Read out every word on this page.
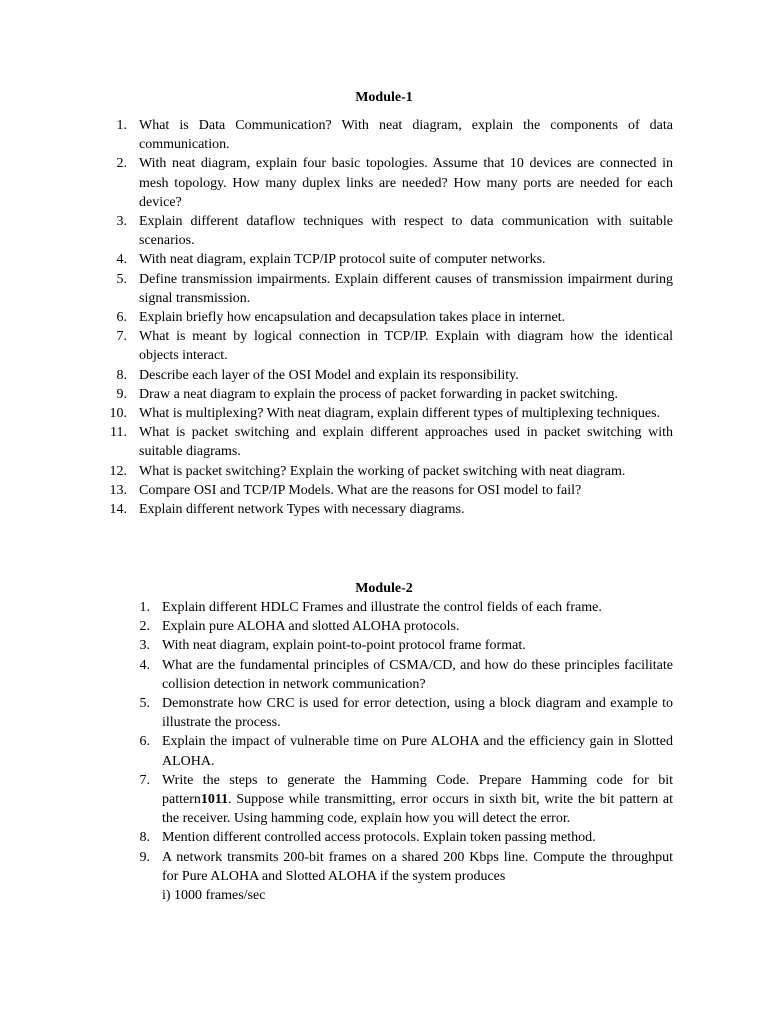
Module-1
1. What is Data Communication? With neat diagram, explain the components of data communication.
2. With neat diagram, explain four basic topologies. Assume that 10 devices are connected in mesh topology. How many duplex links are needed? How many ports are needed for each device?
3. Explain different dataflow techniques with respect to data communication with suitable scenarios.
4. With neat diagram, explain TCP/IP protocol suite of computer networks.
5. Define transmission impairments. Explain different causes of transmission impairment during signal transmission.
6. Explain briefly how encapsulation and decapsulation takes place in internet.
7. What is meant by logical connection in TCP/IP. Explain with diagram how the identical objects interact.
8. Describe each layer of the OSI Model and explain its responsibility.
9. Draw a neat diagram to explain the process of packet forwarding in packet switching.
10. What is multiplexing? With neat diagram, explain different types of multiplexing techniques.
11. What is packet switching and explain different approaches used in packet switching with suitable diagrams.
12. What is packet switching? Explain the working of packet switching with neat diagram.
13. Compare OSI and TCP/IP Models. What are the reasons for OSI model to fail?
14. Explain different network Types with necessary diagrams.
Module-2
1. Explain different HDLC Frames and illustrate the control fields of each frame.
2. Explain pure ALOHA and slotted ALOHA protocols.
3. With neat diagram, explain point-to-point protocol frame format.
4. What are the fundamental principles of CSMA/CD, and how do these principles facilitate collision detection in network communication?
5. Demonstrate how CRC is used for error detection, using a block diagram and example to illustrate the process.
6. Explain the impact of vulnerable time on Pure ALOHA and the efficiency gain in Slotted ALOHA.
7. Write the steps to generate the Hamming Code. Prepare Hamming code for bit pattern1011. Suppose while transmitting, error occurs in sixth bit, write the bit pattern at the receiver. Using hamming code, explain how you will detect the error.
8. Mention different controlled access protocols. Explain token passing method.
9. A network transmits 200-bit frames on a shared 200 Kbps line. Compute the throughput for Pure ALOHA and Slotted ALOHA if the system produces
i) 1000 frames/sec
